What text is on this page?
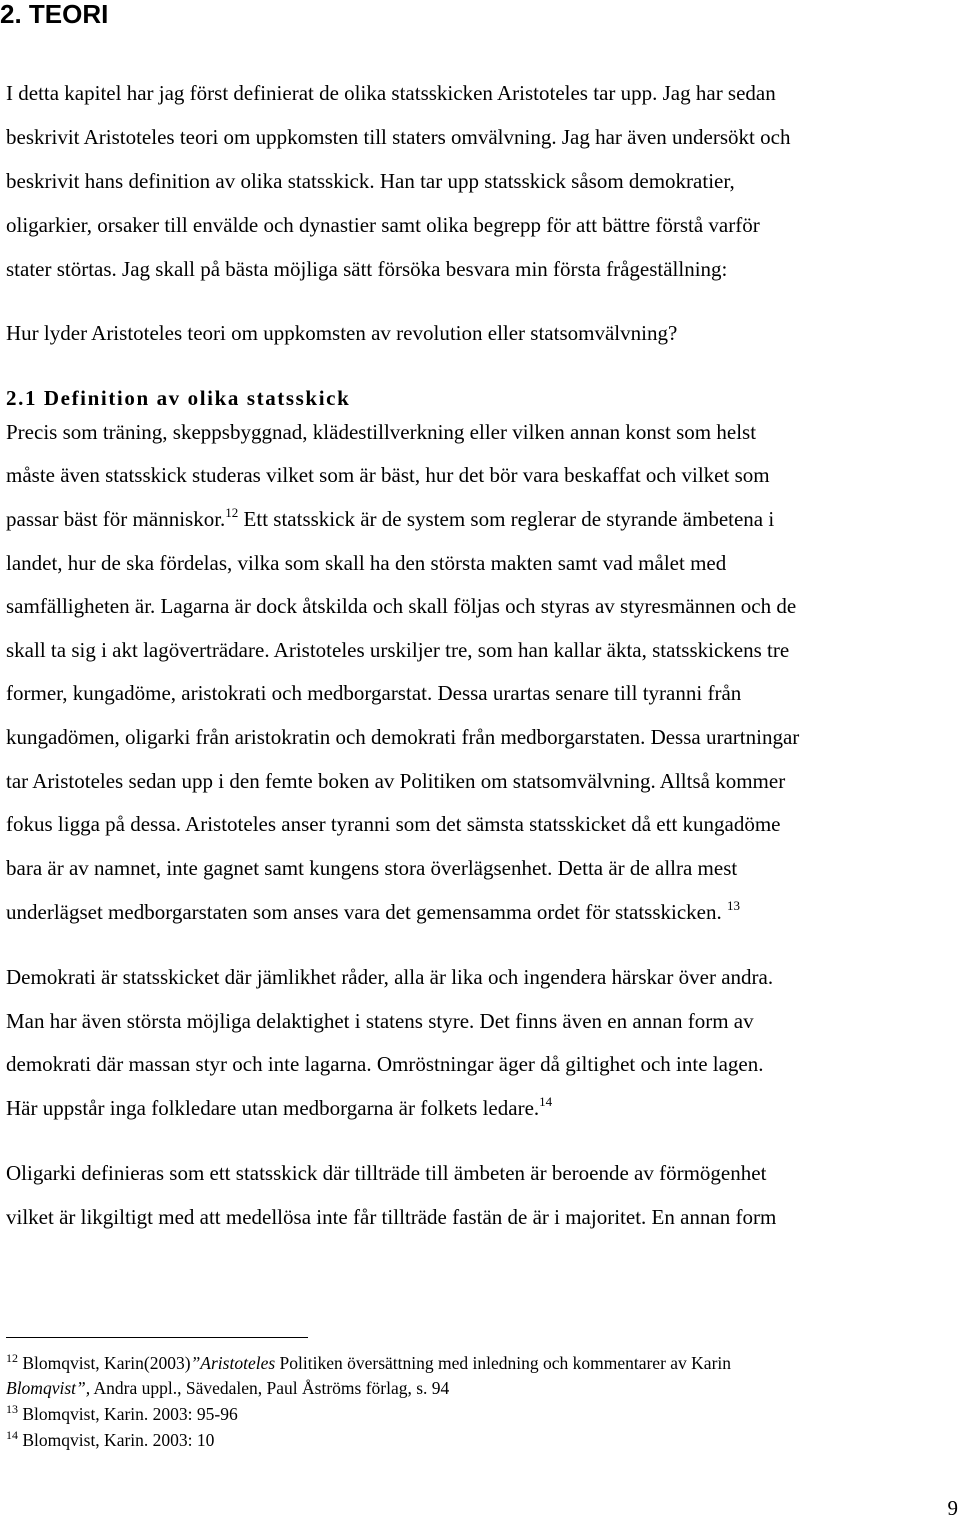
2. TEORI

I detta kapitel har jag först definierat de olika statsskicken Aristoteles tar upp. Jag har sedan

beskrivit Aristoteles teori om uppkomsten till staters omvälvning. Jag har även undersökt och

beskrivit hans definition av olika statsskick. Han tar upp statsskick såsom demokratier,

oligarkier, orsaker till envälde och dynastier samt olika begrepp för att bättre förstå varför

stater störtas. Jag skall på bästa möjliga sätt försöka besvara min första frågeställning:

Hur lyder Aristoteles teori om uppkomsten av revolution eller statsomvälvning?

2.1 Definition av olika statsskick

Precis som träning, skeppsbyggnad, klädestillverkning eller vilken annan konst som helst

måste även statsskick studeras vilket som är bäst, hur det bör vara beskaffat och vilket som

passar bäst för människor.$^{12}$ Ett statsskick är de system som reglerar de styrande ämbetena i

landet, hur de ska fördelas, vilka som skall ha den största makten samt vad målet med

samfälligheten är. Lagarna är dock åtskilda och skall följas och styras av styresmännen och de

skall ta sig i akt lagöverträdare. Aristoteles urskiljer tre, som han kallar äkta, statsskickens tre

former, kungadöme, aristokrati och medborgarstat. Dessa urartas senare till tyranni från

kungadömen, oligarki från aristokratin och demokrati från medborgarstaten. Dessa urartningar

tar Aristoteles sedan upp i den femte boken av Politiken om statsomvälvning. Alltså kommer

fokus ligga på dessa. Aristoteles anser tyranni som det sämsta statsskicket då ett kungadöme

bara är av namnet, inte gagnet samt kungens stora överlägsenhet. Detta är de allra mest

underlägset medborgarstaten som anses vara det gemensamma ordet för statsskicken. $^{13}$

Demokrati är statsskicket där jämlikhet råder, alla är lika och ingendera härskar över andra.

Man har även största möjliga delaktighet i statens styre. Det finns även en annan form av

demokrati där massan styr och inte lagarna. Omröstningar äger då giltighet och inte lagen.

Här uppstår inga folkledare utan medborgarna är folkets ledare.$^{14}$

Oligarki definieras som ett statsskick där tillträde till ämbeten är beroende av förmögenhet

vilket är likgiltigt med att medellösa inte får tillträde fastän de är i majoritet. En annan form

$^{12}$ Blomqvist, Karin(2003)”Aristoteles Politiken översättning med inledning och kommentarer av Karin

Blomqvist”, Andra uppl., Sävedalen, Paul Åströms förlag, s. 94

$^{13}$ Blomqvist, Karin. 2003: 95-96

$^{14}$ Blomqvist, Karin. 2003: 10

9
